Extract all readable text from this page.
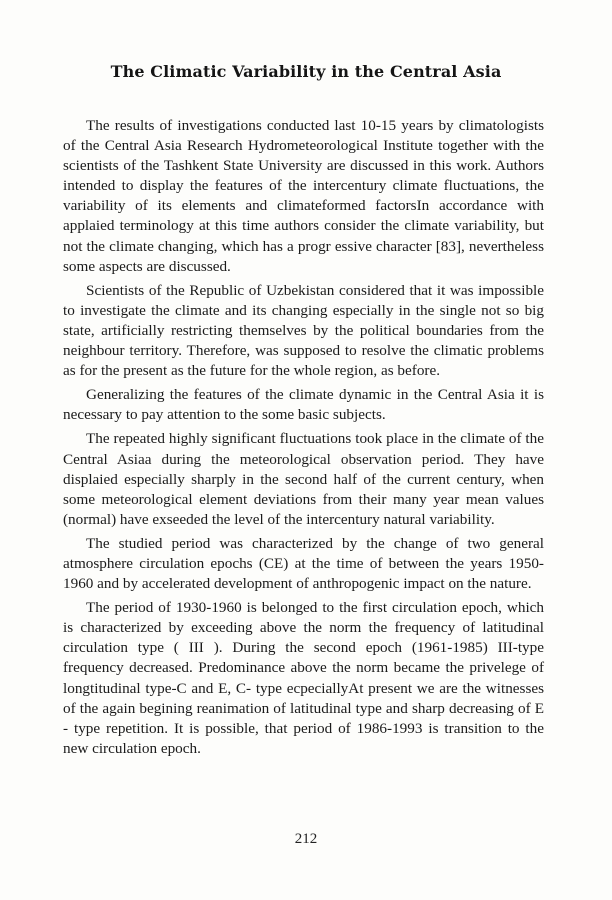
The Climatic Variability in the Central Asia

The results of investigations conducted last 10-15 years by climatologists of the Central Asia Research Hydrometeorological Institute together with the scientists of the Tashkent State University are discussed in this work. Authors intended to display the features of the intercentury climate fluctuations, the variability of its elements and climateformed factorsIn accordance with applaied terminology at this time authors consider the climate variability, but not the climate changing, which has a progr essive character [83], nevertheless some aspects are discussed.

Scientists of the Republic of Uzbekistan considered that it was impossible to investigate the climate and its changing especially in the single not so big state, artificially restricting themselves by the political boundaries from the neighbour territory. Therefore, was supposed to resolve the climatic problems as for the present as the future for the whole region, as before.

Generalizing the features of the climate dynamic in the Central Asia it is necessary to pay attention to the some basic subjects.

The repeated highly significant fluctuations took place in the climate of the Central Asiaa during the meteorological observation period. They have displaied especially sharply in the second half of the current century, when some meteorological element deviations from their many year mean values (normal) have exseeded the level of the intercentury natural variability.

The studied period was characterized by the change of two general atmosphere circulation epochs (CE) at the time of between the years 1950-1960 and by accelerated development of anthropogenic impact on the nature.

The period of 1930-1960 is belonged to the first circulation epoch, which is characterized by exceeding above the norm the frequency of latitudinal circulation type ( III ). During the second epoch (1961-1985) III-type frequency decreased. Predominance above the norm became the privelege of longtitudinal type-C and E, C- type ecpeciallyAt present we are the witnesses of the again begining reanimation of latitudinal type and sharp decreasing of E - type repetition. It is possible, that period of 1986-1993 is transition to the new circulation epoch.

212
